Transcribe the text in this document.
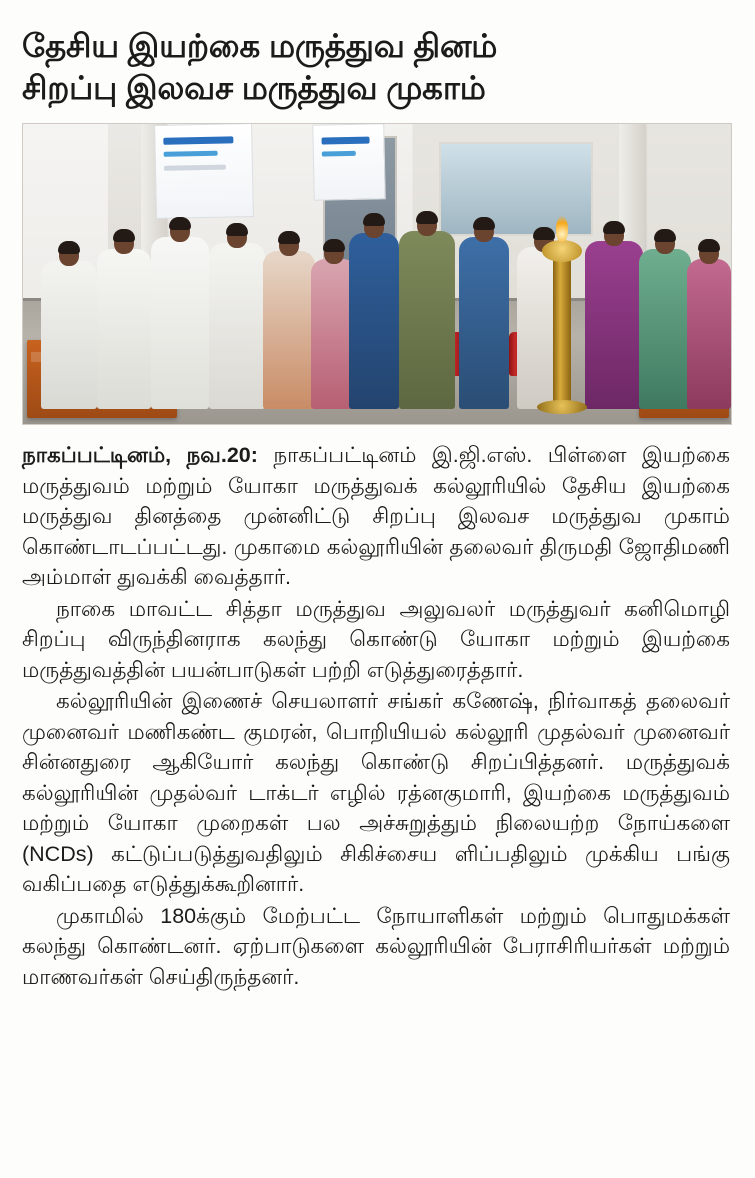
தேசிய இயற்கை மருத்துவ தினம்
சிறப்பு இலவச மருத்துவ முகாம்

நாகப்பட்டினம், நவ.20: நாகப்பட்டினம் இ.ஜி.எஸ். பிள்ளை இயற்கை மருத்துவம் மற்றும் யோகா மருத்துவக் கல்லூரியில் தேசிய இயற்கை மருத்துவ தினத்தை முன்னிட்டு சிறப்பு இலவச மருத்துவ முகாம் கொண்டாடப்பட்டது. முகாமை கல்லூரியின் தலைவர் திருமதி ஜோதிமணி அம்மாள் துவக்கி வைத்தார்.

நாகை மாவட்ட சித்தா மருத்துவ அலுவலர் மருத்துவர் கனிமொழி சிறப்பு விருந்தினராக கலந்து கொண்டு யோகா மற்றும் இயற்கை மருத்துவத்தின் பயன்பாடுகள் பற்றி எடுத்துரைத்தார்.

கல்லூரியின் இணைச் செயலாளர் சங்கர் கணேஷ், நிர்வாகத் தலைவர் முனைவர் மணிகண்ட குமரன், பொறியியல் கல்லூரி முதல்வர் முனைவர் சின்னதுரை ஆகியோர் கலந்து கொண்டு சிறப்பித்தனர். மருத்துவக் கல்லூரியின் முதல்வர் டாக்டர் எழில் ரத்னகுமாரி, இயற்கை மருத்துவம் மற்றும் யோகா முறைகள் பல அச்சுறுத்தும் நிலையற்ற நோய்களை (NCDs) கட்டுப்படுத்துவதிலும் சிகிச்சைய ளிப்பதிலும் முக்கிய பங்கு வகிப்பதை எடுத்துக்கூறினார்.

முகாமில் 180க்கும் மேற்பட்ட நோயாளிகள் மற்றும் பொதுமக்கள் கலந்து கொண்டனர். ஏற்பாடுகளை கல்லூரியின் பேராசிரியர்கள் மற்றும் மாணவர்கள் செய்திருந்தனர்.
